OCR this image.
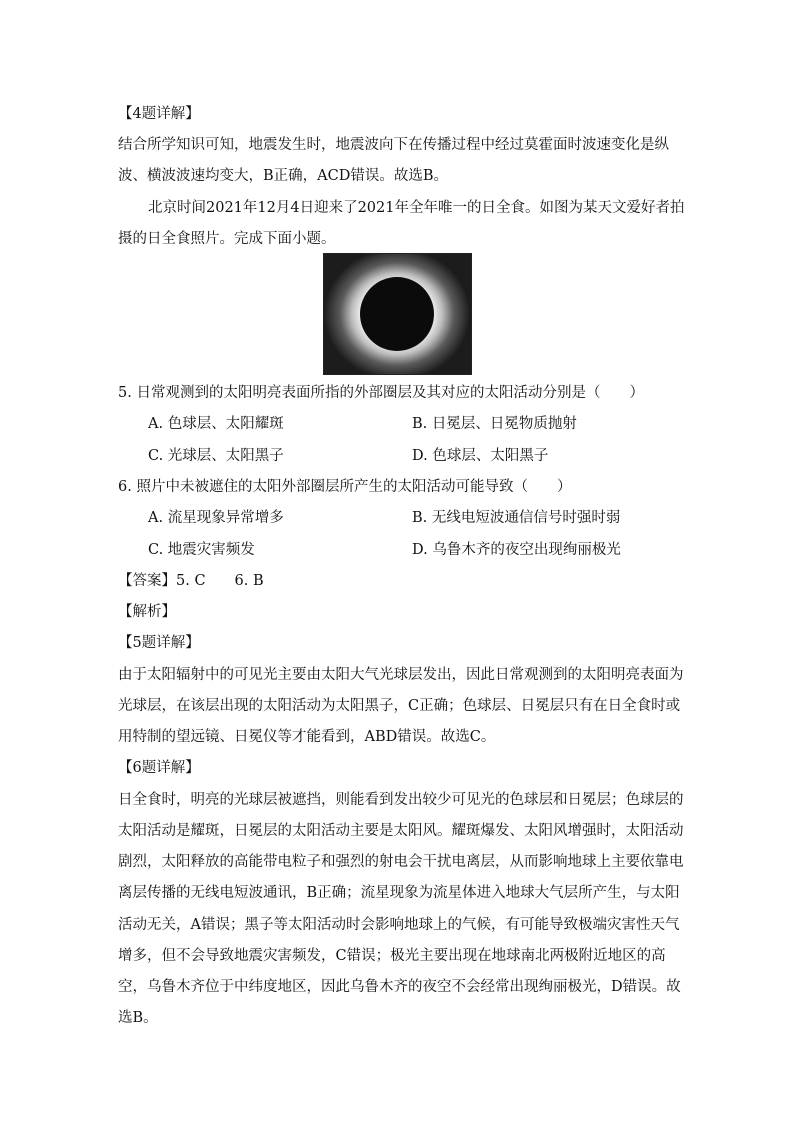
【4题详解】
结合所学知识可知，地震发生时，地震波向下在传播过程中经过莫霍面时波速变化是纵
波、横波波速均变大，B正确，ACD错误。故选B。
北京时间2021年12月4日迎来了2021年全年唯一的日全食。如图为某天文爱好者拍
摄的日全食照片。完成下面小题。
5. 日常观测到的太阳明亮表面所指的外部圈层及其对应的太阳活动分别是（　　）
A. 色球层、太阳耀斑	B. 日冕层、日冕物质抛射
C. 光球层、太阳黑子	D. 色球层、太阳黑子
6. 照片中未被遮住的太阳外部圈层所产生的太阳活动可能导致（　　）
A. 流星现象异常增多	B. 无线电短波通信信号时强时弱
C. 地震灾害频发	D. 乌鲁木齐的夜空出现绚丽极光
【答案】5. C　　6. B
【解析】
【5题详解】
由于太阳辐射中的可见光主要由太阳大气光球层发出，因此日常观测到的太阳明亮表面为
光球层，在该层出现的太阳活动为太阳黑子，C正确；色球层、日冕层只有在日全食时或
用特制的望远镜、日冕仪等才能看到，ABD错误。故选C。
【6题详解】
日全食时，明亮的光球层被遮挡，则能看到发出较少可见光的色球层和日冕层；色球层的
太阳活动是耀斑，日冕层的太阳活动主要是太阳风。耀斑爆发、太阳风增强时，太阳活动
剧烈，太阳释放的高能带电粒子和强烈的射电会干扰电离层，从而影响地球上主要依靠电
离层传播的无线电短波通讯，B正确；流星现象为流星体进入地球大气层所产生，与太阳
活动无关，A错误；黑子等太阳活动时会影响地球上的气候，有可能导致极端灾害性天气
增多，但不会导致地震灾害频发，C错误；极光主要出现在地球南北两极附近地区的高
空，乌鲁木齐位于中纬度地区，因此乌鲁木齐的夜空不会经常出现绚丽极光，D错误。故
选B。
